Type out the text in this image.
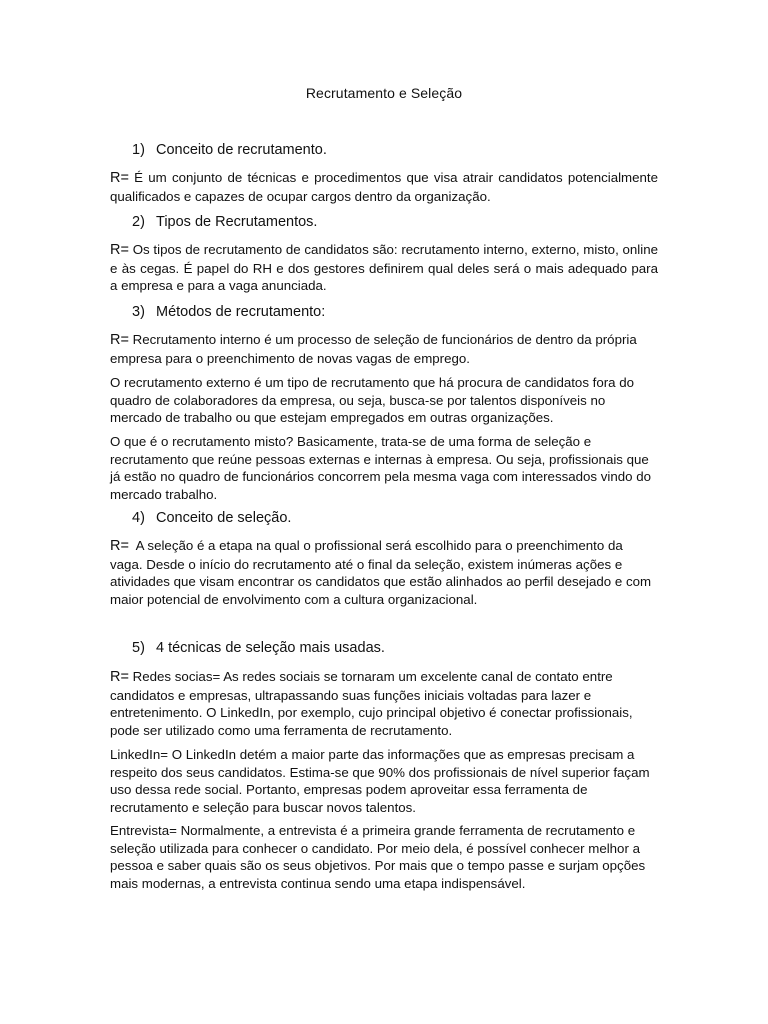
Recrutamento e Seleção
1) Conceito de recrutamento.

R= É um conjunto de técnicas e procedimentos que visa atrair candidatos potencialmente qualificados e capazes de ocupar cargos dentro da organização.

2) Tipos de Recrutamentos.

R= Os tipos de recrutamento de candidatos são: recrutamento interno, externo, misto, online e às cegas. É papel do RH e dos gestores definirem qual deles será o mais adequado para a empresa e para a vaga anunciada.

3) Métodos de recrutamento:

R= Recrutamento interno é um processo de seleção de funcionários de dentro da própria empresa para o preenchimento de novas vagas de emprego.

O recrutamento externo é um tipo de recrutamento que há procura de candidatos fora do quadro de colaboradores da empresa, ou seja, busca-se por talentos disponíveis no mercado de trabalho ou que estejam empregados em outras organizações.

O que é o recrutamento misto? Basicamente, trata-se de uma forma de seleção e recrutamento que reúne pessoas externas e internas à empresa. Ou seja, profissionais que já estão no quadro de funcionários concorrem pela mesma vaga com interessados vindo do mercado trabalho.

4) Conceito de seleção.

R=  A seleção é a etapa na qual o profissional será escolhido para o preenchimento da vaga. Desde o início do recrutamento até o final da seleção, existem inúmeras ações e atividades que visam encontrar os candidatos que estão alinhados ao perfil desejado e com maior potencial de envolvimento com a cultura organizacional.

5) 4 técnicas de seleção mais usadas.

R= Redes socias= As redes sociais se tornaram um excelente canal de contato entre candidatos e empresas, ultrapassando suas funções iniciais voltadas para lazer e entretenimento. O LinkedIn, por exemplo, cujo principal objetivo é conectar profissionais, pode ser utilizado como uma ferramenta de recrutamento.

LinkedIn= O LinkedIn detém a maior parte das informações que as empresas precisam a respeito dos seus candidatos. Estima-se que 90% dos profissionais de nível superior façam uso dessa rede social. Portanto, empresas podem aproveitar essa ferramenta de recrutamento e seleção para buscar novos talentos.

Entrevista= Normalmente, a entrevista é a primeira grande ferramenta de recrutamento e seleção utilizada para conhecer o candidato. Por meio dela, é possível conhecer melhor a pessoa e saber quais são os seus objetivos. Por mais que o tempo passe e surjam opções mais modernas, a entrevista continua sendo uma etapa indispensável.
